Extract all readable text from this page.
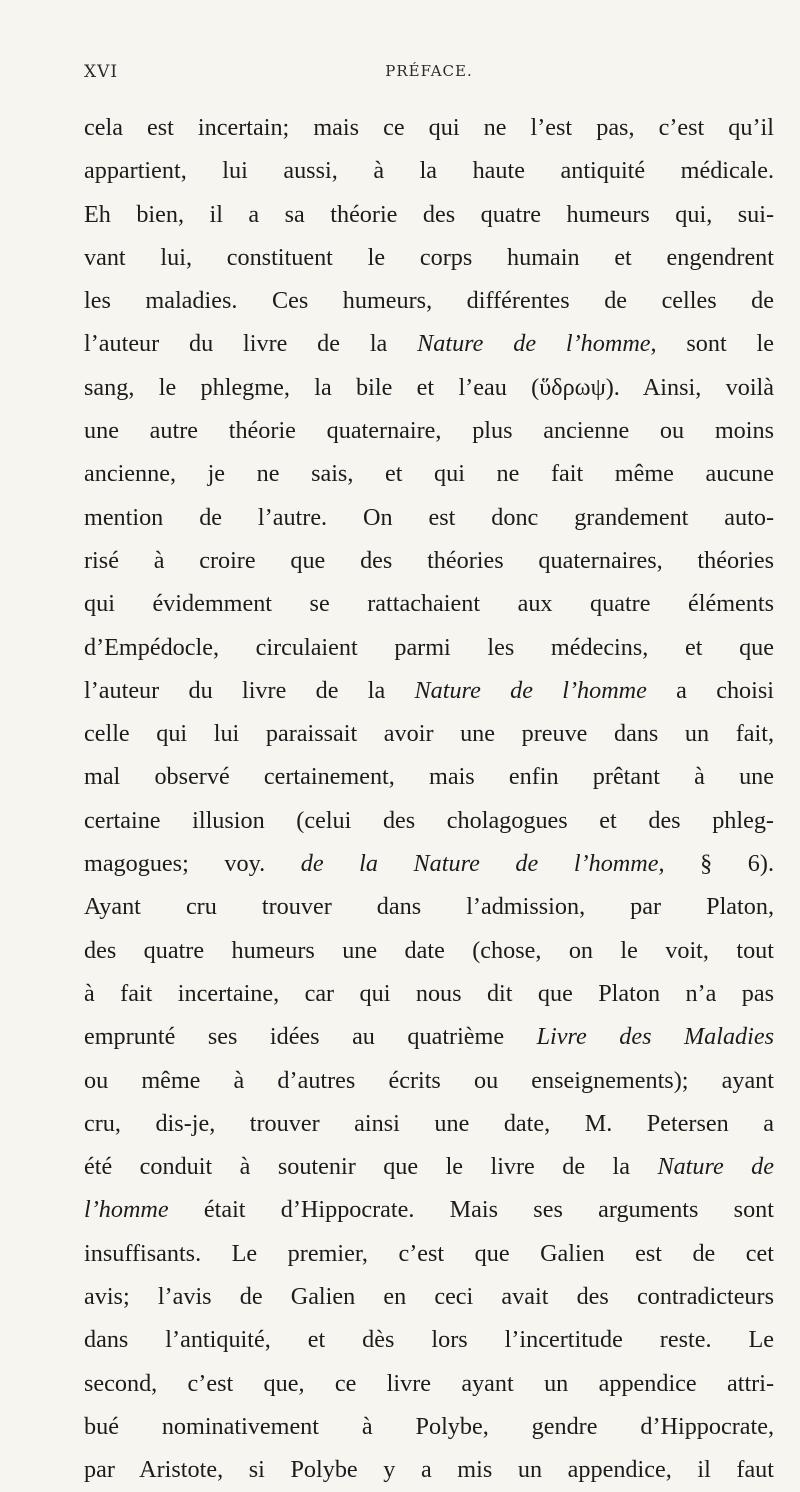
XVI	PRÉFACE.
cela est incertain; mais ce qui ne l’est pas, c’est qu’il
appartient, lui aussi, à la haute antiquité médicale.
Eh bien, il a sa théorie des quatre humeurs qui, sui-
vant lui, constituent le corps humain et engendrent
les maladies. Ces humeurs, différentes de celles de
l’auteur du livre de la Nature de l’homme, sont le
sang, le phlegme, la bile et l’eau (ὕδρωψ). Ainsi, voilà
une autre théorie quaternaire, plus ancienne ou moins
ancienne, je ne sais, et qui ne fait même aucune
mention de l’autre. On est donc grandement auto-
risé à croire que des théories quaternaires, théories
qui évidemment se rattachaient aux quatre éléments
d’Empédocle, circulaient parmi les médecins, et que
l’auteur du livre de la Nature de l’homme a choisi
celle qui lui paraissait avoir une preuve dans un fait,
mal observé certainement, mais enfin prêtant à une
certaine illusion (celui des cholagogues et des phleg-
magogues; voy. de la Nature de l’homme, § 6).
Ayant cru trouver dans l’admission, par Platon,
des quatre humeurs une date (chose, on le voit, tout
à fait incertaine, car qui nous dit que Platon n’a pas
emprunté ses idées au quatrième Livre des Maladies
ou même à d’autres écrits ou enseignements); ayant
cru, dis-je, trouver ainsi une date, M. Petersen a
été conduit à soutenir que le livre de la Nature de
l’homme était d’Hippocrate. Mais ses arguments sont
insuffisants. Le premier, c’est que Galien est de cet
avis; l’avis de Galien en ceci avait des contradicteurs
dans l’antiquité, et dès lors l’incertitude reste. Le
second, c’est que, ce livre ayant un appendice attri-
bué nominativement à Polybe, gendre d’Hippocrate,
par Aristote, si Polybe y a mis un appendice, il faut
